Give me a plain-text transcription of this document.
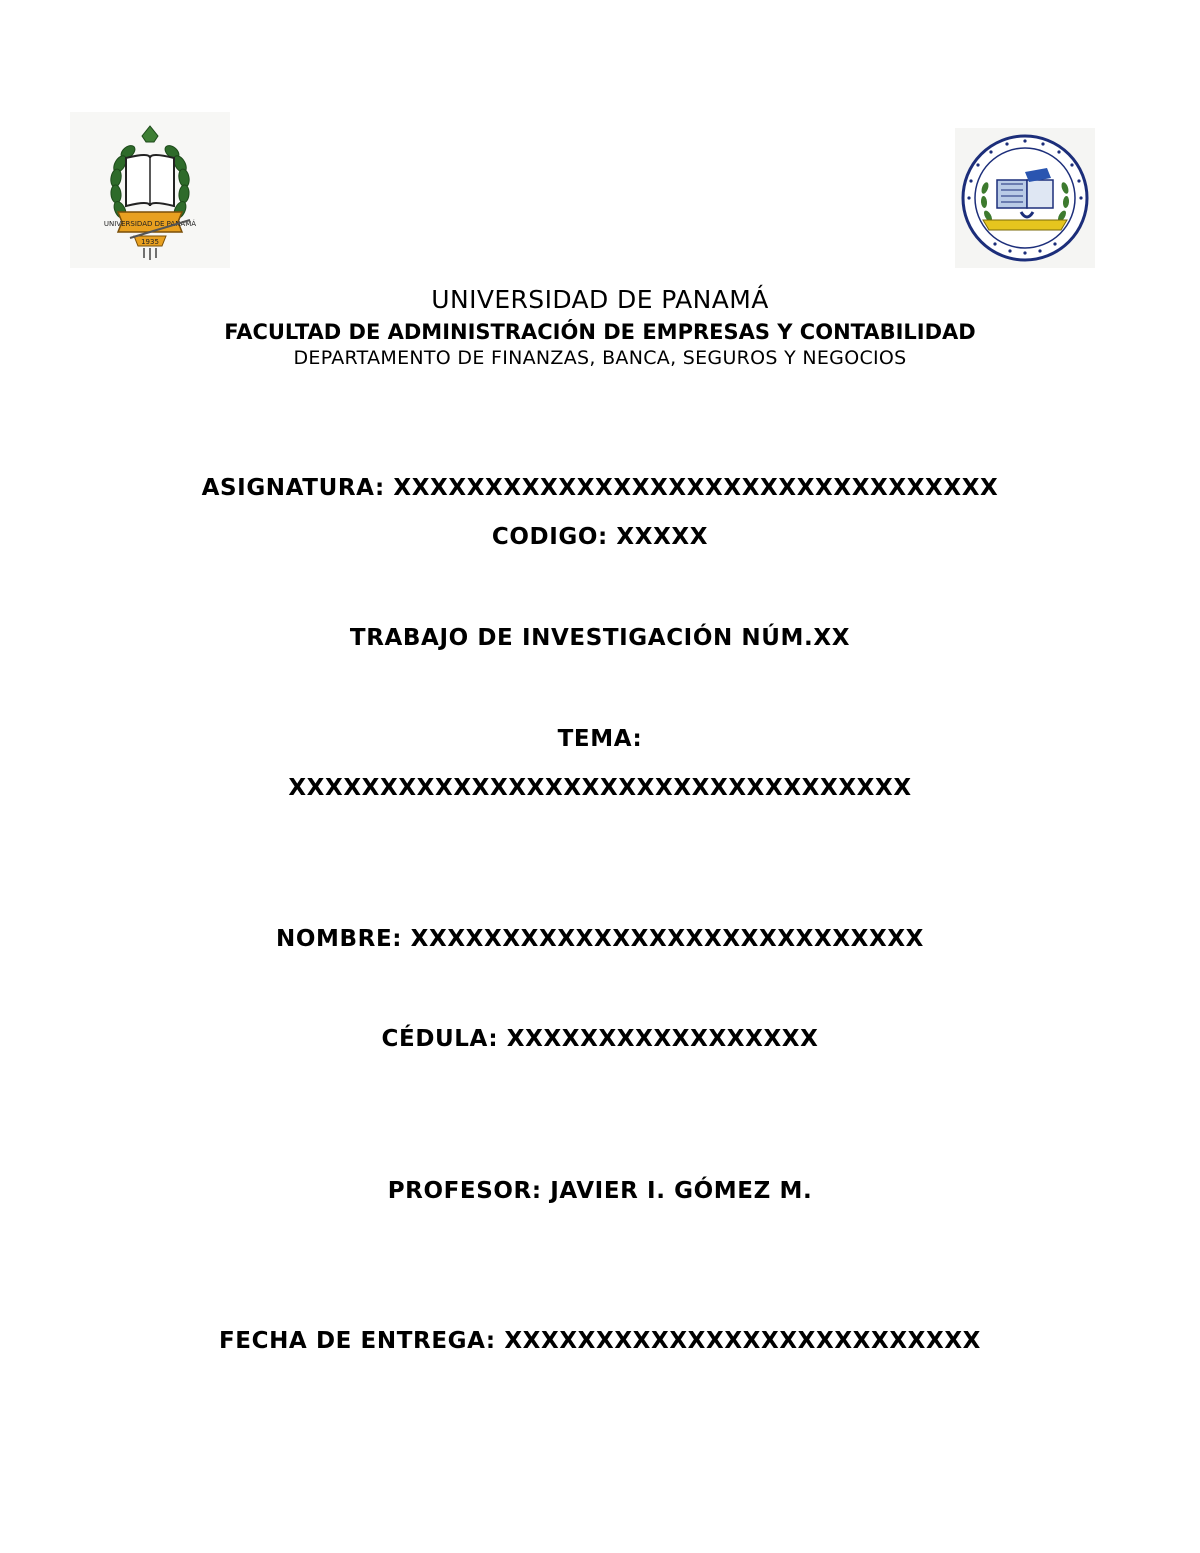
UNIVERSIDAD DE PANAMÁ
1935
UNIVERSIDAD DE PANAMÁ
FACULTAD DE ADMINISTRACIÓN DE EMPRESAS Y CONTABILIDAD
DEPARTAMENTO DE FINANZAS, BANCA, SEGUROS Y NEGOCIOS
ASIGNATURA: XXXXXXXXXXXXXXXXXXXXXXXXXXXXXXXXX
CODIGO: XXXXX
TRABAJO DE INVESTIGACIÓN NÚM.XX
TEMA:
XXXXXXXXXXXXXXXXXXXXXXXXXXXXXXXXXX
NOMBRE: XXXXXXXXXXXXXXXXXXXXXXXXXXXX
CÉDULA: XXXXXXXXXXXXXXXXX
PROFESOR: JAVIER I. GÓMEZ M.
FECHA DE ENTREGA: XXXXXXXXXXXXXXXXXXXXXXXXXX
